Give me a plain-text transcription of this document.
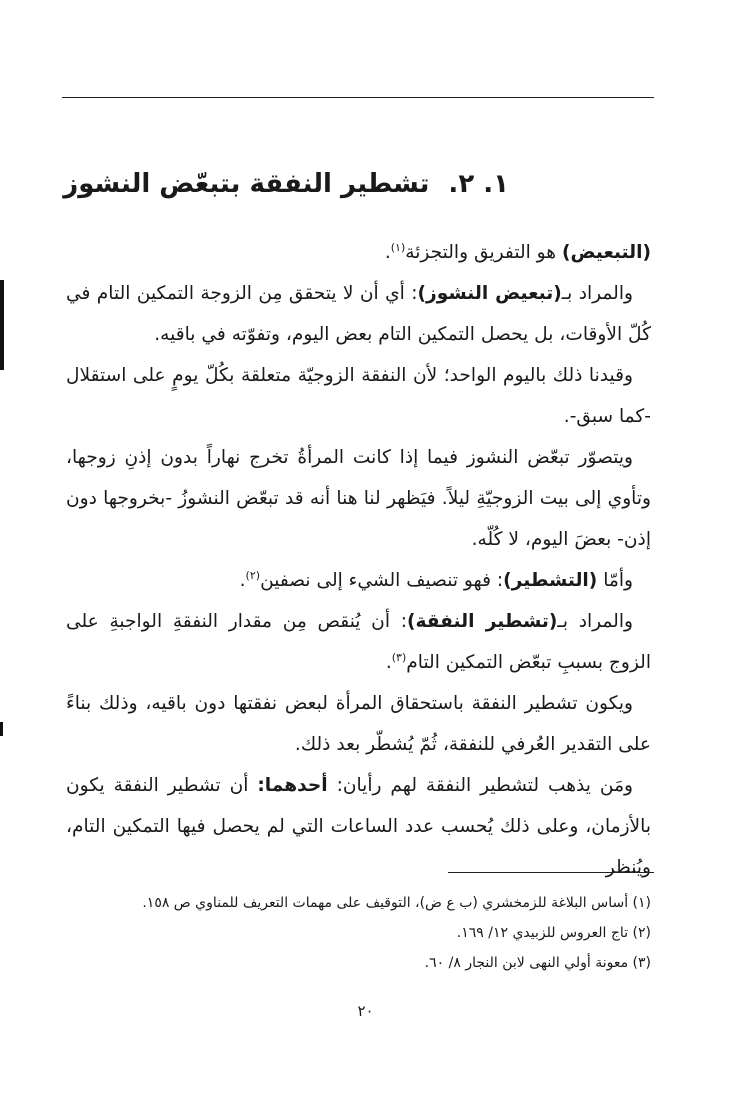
١. ٢. تشطير النفقة بتبعّض النشوز

(التبعيض) هو التفريق والتجزئة$^{(١)}$.

والمراد بـ(تبعيض النشوز): أي أن لا يتحقق مِن الزوجة التمكين التام في كُلّ الأوقات، بل يحصل التمكين التام بعض اليوم، وتفوّته في باقيه.

وقيدنا ذلك باليوم الواحد؛ لأن النفقة الزوجيّة متعلقة بكُلّ يومٍ على استقلال -كما سبق-.

ويتصوّر تبعّض النشوز فيما إذا كانت المرأةُ تخرج نهاراً بدون إذنِ زوجها، وتأوي إلى بيت الزوجيّةِ ليلاً. فيَظهر لنا هنا أنه قد تبعّض النشوزُ -بخروجها دون إذن- بعضَ اليوم، لا كُلّه.

وأمّا (التشطير): فهو تنصيف الشيء إلى نصفين$^{(٢)}$.

والمراد بـ(تشطير النفقة): أن يُنقص مِن مقدار النفقةِ الواجبةِ على الزوج بسببِ تبعّض التمكين التام$^{(٣)}$.

ويكون تشطير النفقة باستحقاق المرأة لبعض نفقتها دون باقيه، وذلك بناءً على التقدير العُرفي للنفقة، ثُمّ يُشطّر بعد ذلك.

ومَن يذهب لتشطير النفقة لهم رأيان: أحدهما: أن تشطير النفقة يكون بالأزمان، وعلى ذلك يُحسب عدد الساعات التي لم يحصل فيها التمكين التام، ويُنظر

(١) أساس البلاغة للزمخشري (ب ع ض)، التوقيف على مهمات التعريف للمناوي ص ١٥٨.

(٢) تاج العروس للزبيدي ١٢/ ١٦٩.

(٣) معونة أولي النهى لابن النجار ٨/ ٦٠.

٢٠
